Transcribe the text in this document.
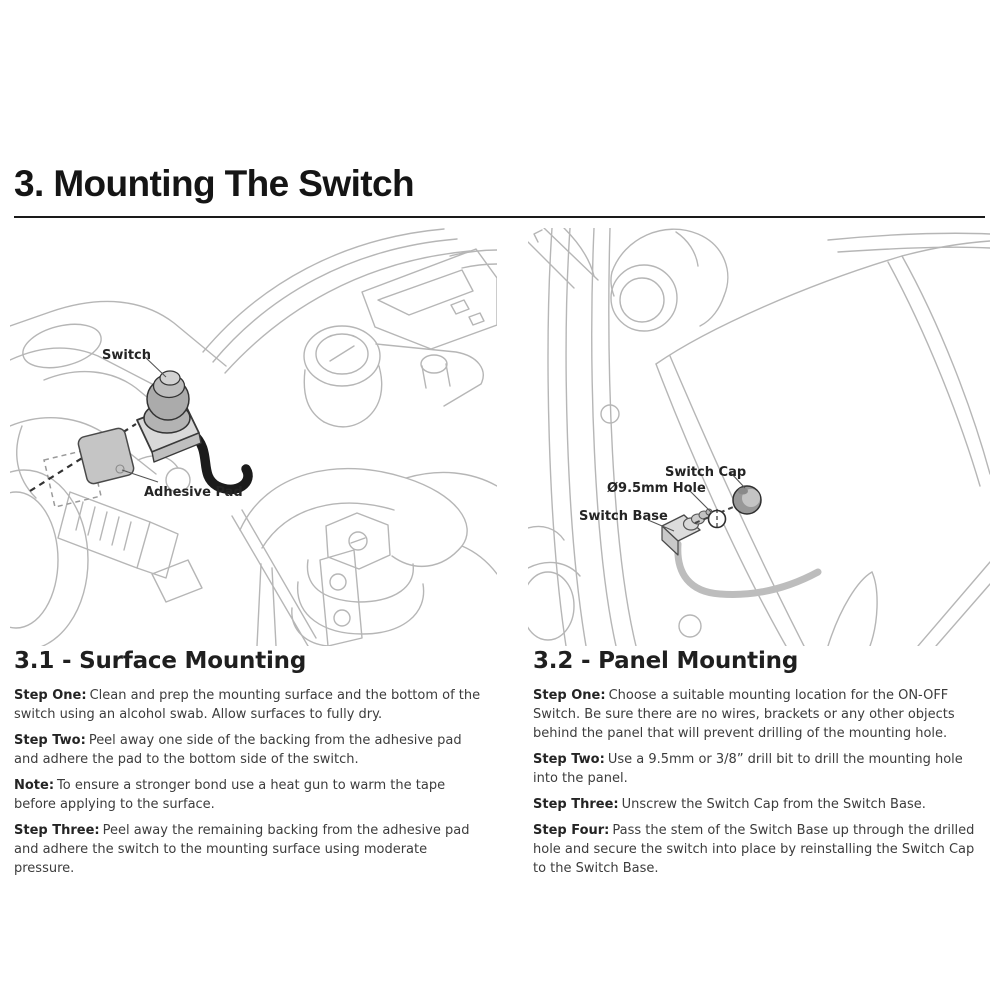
3. Mounting The Switch
Switch
Adhesive Pad
Switch Cap
Ø9.5mm Hole
Switch Base
3.1 - Surface Mounting	3.2 - Panel Mounting

Step One: Clean and prep the mounting surface and the bottom of the switch using an alcohol swab. Allow surfaces to fully dry.

Step Two: Peel away one side of the backing from the adhesive pad and adhere the pad to the bottom side of the switch.

Note: To ensure a stronger bond use a heat gun to warm the tape before applying to the surface.

Step Three: Peel away the remaining backing from the adhesive pad and adhere the switch to the mounting surface using moderate pressure.

Step One: Choose a suitable mounting location for the ON-OFF Switch. Be sure there are no wires, brackets or any other objects behind the panel that will prevent drilling of the mounting hole.

Step Two: Use a 9.5mm or 3/8” drill bit to drill the mounting hole into the panel.

Step Three: Unscrew the Switch Cap from the Switch Base.

Step Four: Pass the stem of the Switch Base up through the drilled hole and secure the switch into place by reinstalling the Switch Cap to the Switch Base.
